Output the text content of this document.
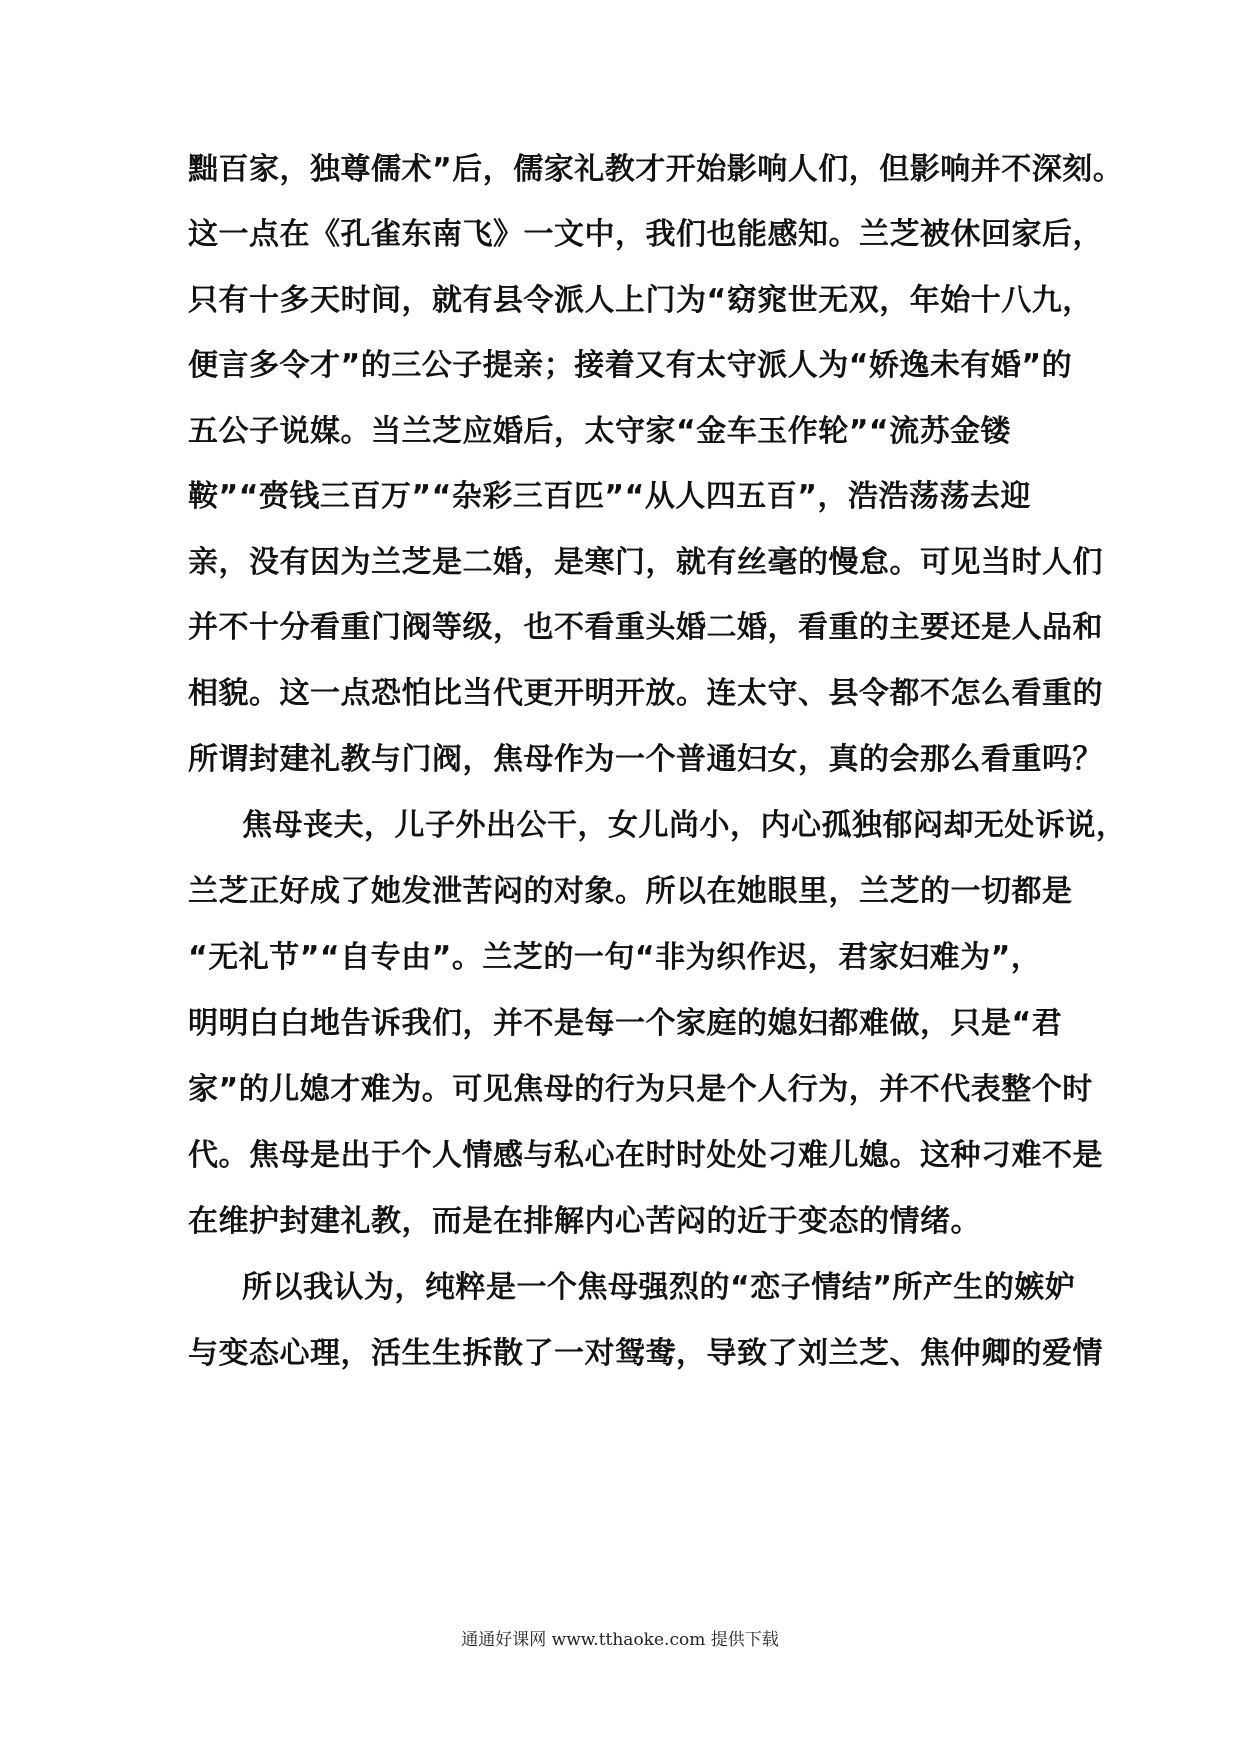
黜百家，独尊儒术”后，儒家礼教才开始影响人们，但影响并不深刻。
这一点在《孔雀东南飞》一文中，我们也能感知。兰芝被休回家后，
只有十多天时间，就有县令派人上门为“窈窕世无双，年始十八九，
便言多令才”的三公子提亲；接着又有太守派人为“娇逸未有婚”的
五公子说媒。当兰芝应婚后，太守家“金车玉作轮”“流苏金镂
鞍”“赍钱三百万”“杂彩三百匹”“从人四五百”，浩浩荡荡去迎
亲，没有因为兰芝是二婚，是寒门，就有丝毫的慢怠。可见当时人们
并不十分看重门阀等级，也不看重头婚二婚，看重的主要还是人品和
相貌。这一点恐怕比当代更开明开放。连太守、县令都不怎么看重的
所谓封建礼教与门阀，焦母作为一个普通妇女，真的会那么看重吗？
焦母丧夫，儿子外出公干，女儿尚小，内心孤独郁闷却无处诉说，
兰芝正好成了她发泄苦闷的对象。所以在她眼里，兰芝的一切都是
“无礼节”“自专由”。兰芝的一句“非为织作迟，君家妇难为”，
明明白白地告诉我们，并不是每一个家庭的媳妇都难做，只是“君
家”的儿媳才难为。可见焦母的行为只是个人行为，并不代表整个时
代。焦母是出于个人情感与私心在时时处处刁难儿媳。这种刁难不是
在维护封建礼教，而是在排解内心苦闷的近于变态的情绪。
所以我认为，纯粹是一个焦母强烈的“恋子情结”所产生的嫉妒
与变态心理，活生生拆散了一对鸳鸯，导致了刘兰芝、焦仲卿的爱情
通通好课网 www.tthaoke.com 提供下载
